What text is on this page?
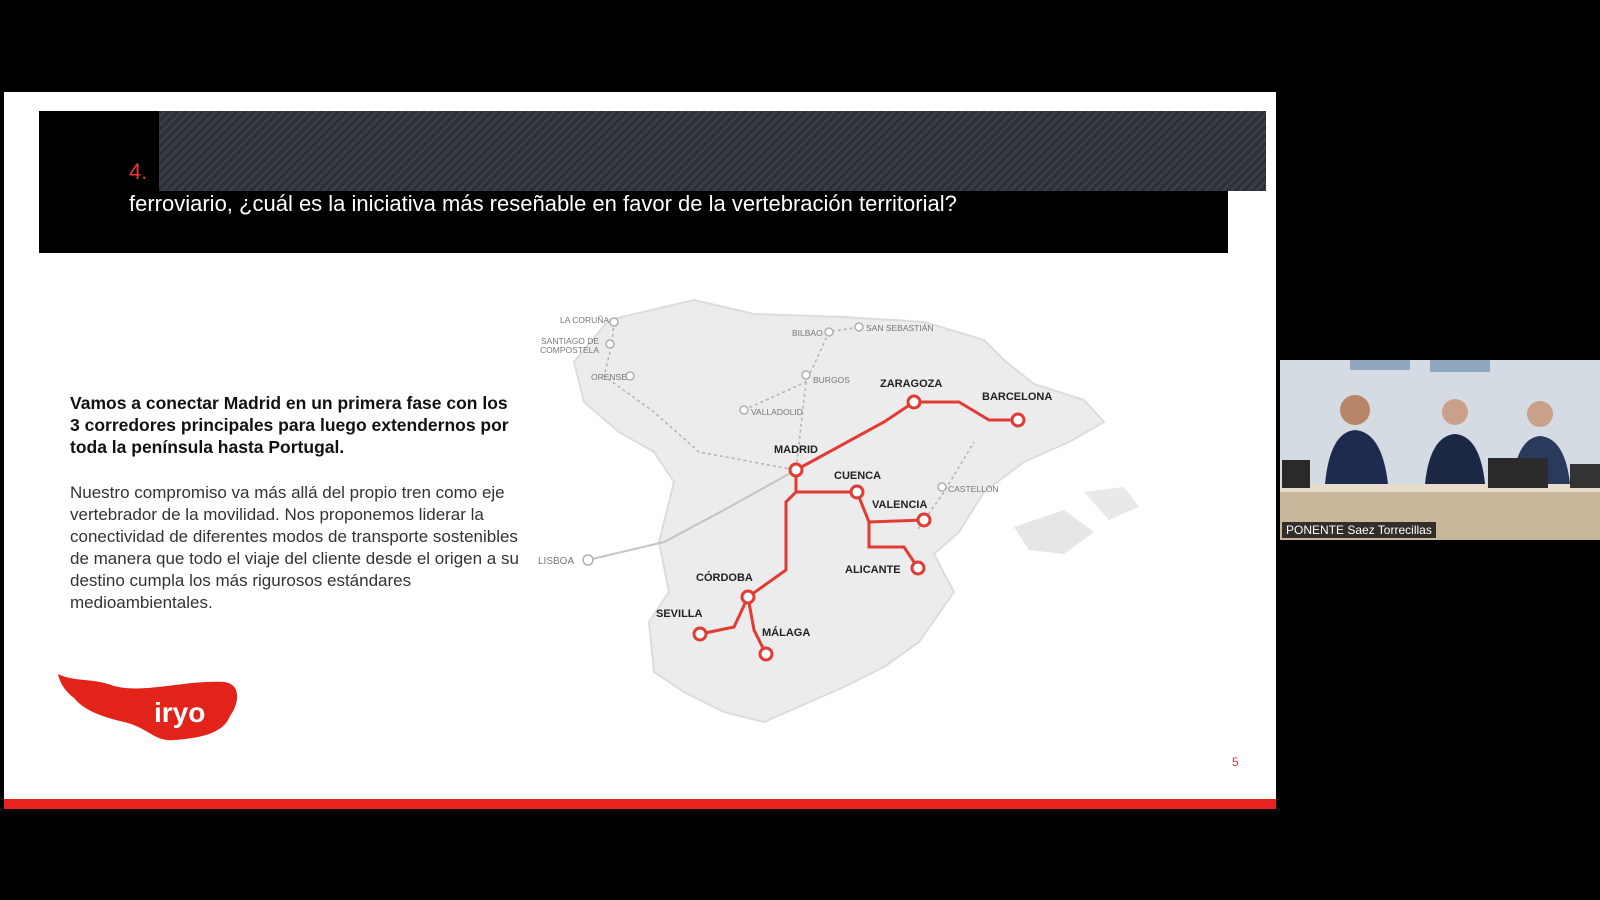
4.
ferroviario, ¿cuál es la iniciativa más reseñable en favor de la vertebración territorial?
Vamos a conectar Madrid en un primera fase con los 3 corredores principales para luego extendernos por toda la península hasta Portugal.
Nuestro compromiso va más allá del propio tren como eje vertebrador de la movilidad. Nos proponemos liderar la conectividad de diferentes modos de transporte sostenibles de manera que todo el viaje del cliente desde el origen a su destino cumpla los más rigurosos estándares medioambientales.
ZARAGOZA
BARCELONA
MADRID
CUENCA
VALENCIA
ALICANTE
CÓRDOBA
SEVILLA
MÁLAGA
LA CORUÑA
SANTIAGO DE
COMPOSTELA
ORENSE
BILBAO	SAN SEBASTIÁN
BURGOS
VALLADOLID
CASTELLÓN
LISBOA
iryo
5
PONENTE Saez Torrecillas
